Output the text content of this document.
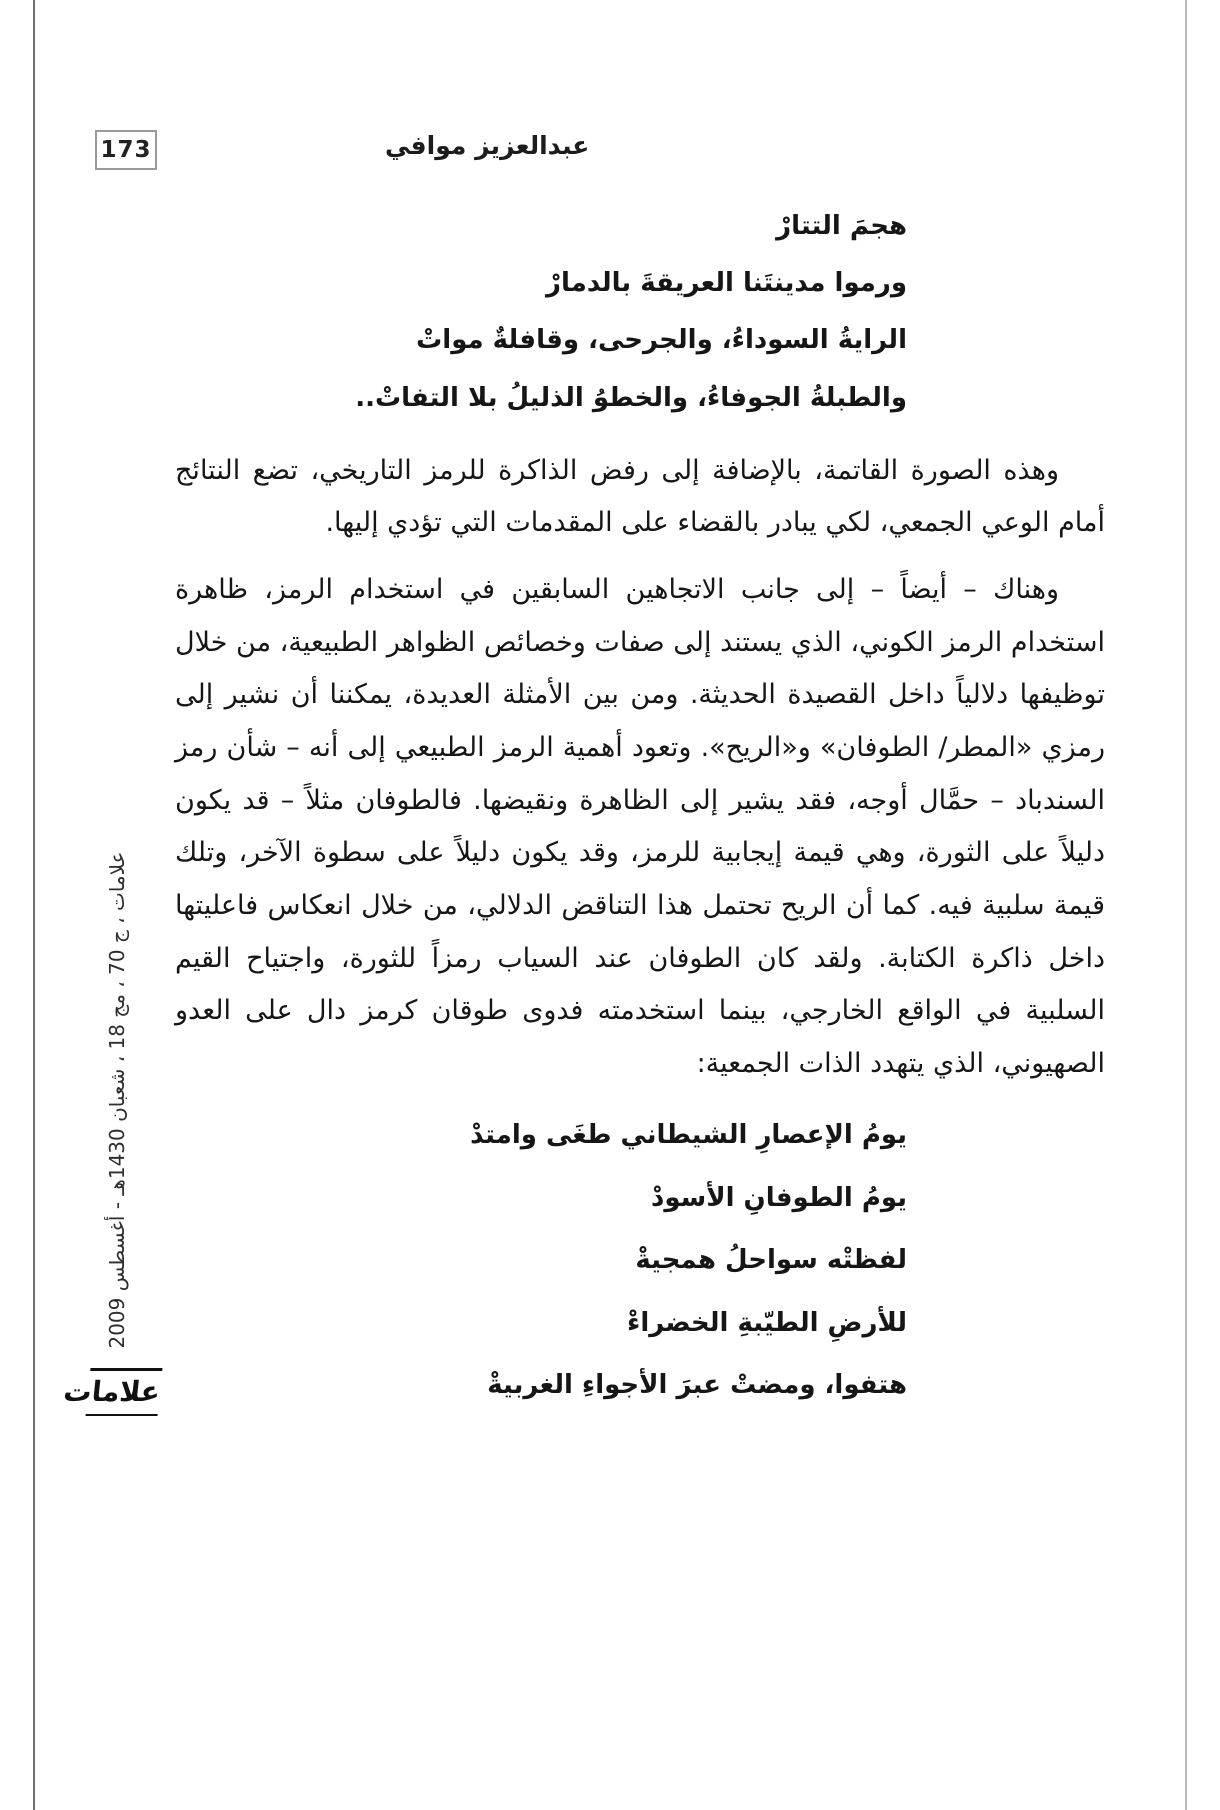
173	عبدالعزيز موافي
هجمَ التتارْ
ورموا مدينتَنا العريقةَ بالدمارْ
الرايةُ السوداءُ، والجرحى، وقافلةٌ مواتْ
والطبلةُ الجوفاءُ، والخطوُ الذليلُ بلا التفاتْ..

وهذه الصورة القاتمة، بالإضافة إلى رفض الذاكرة للرمز التاريخي، تضع النتائج أمام الوعي الجمعي، لكي يبادر بالقضاء على المقدمات التي تؤدي إليها.

وهناك – أيضاً – إلى جانب الاتجاهين السابقين في استخدام الرمز، ظاهرة استخدام الرمز الكوني، الذي يستند إلى صفات وخصائص الظواهر الطبيعية، من خلال توظيفها دلالياً داخل القصيدة الحديثة. ومن بين الأمثلة العديدة، يمكننا أن نشير إلى رمزي «المطر/ الطوفان» و«الريح». وتعود أهمية الرمز الطبيعي إلى أنه – شأن رمز السندباد – حمَّال أوجه، فقد يشير إلى الظاهرة ونقيضها. فالطوفان مثلاً – قد يكون دليلاً على الثورة، وهي قيمة إيجابية للرمز، وقد يكون دليلاً على سطوة الآخر، وتلك قيمة سلبية فيه. كما أن الريح تحتمل هذا التناقض الدلالي، من خلال انعكاس فاعليتها داخل ذاكرة الكتابة. ولقد كان الطوفان عند السياب رمزاً للثورة، واجتياح القيم السلبية في الواقع الخارجي، بينما استخدمته فدوى طوقان كرمز دال على العدو الصهيوني، الذي يتهدد الذات الجمعية:

يومُ الإعصارِ الشيطاني طغَى وامتدْ
يومُ الطوفانِ الأسودْ
لفظتْه سواحلُ همجيةْ
للأرضِ الطيّبةِ الخضراءْ
هتفوا، ومضتْ عبرَ الأجواءِ الغربيةْ
علامات ، ج 70 ، مج 18 ، شعبان 1430هـ - أغسطس 2009
علامات
